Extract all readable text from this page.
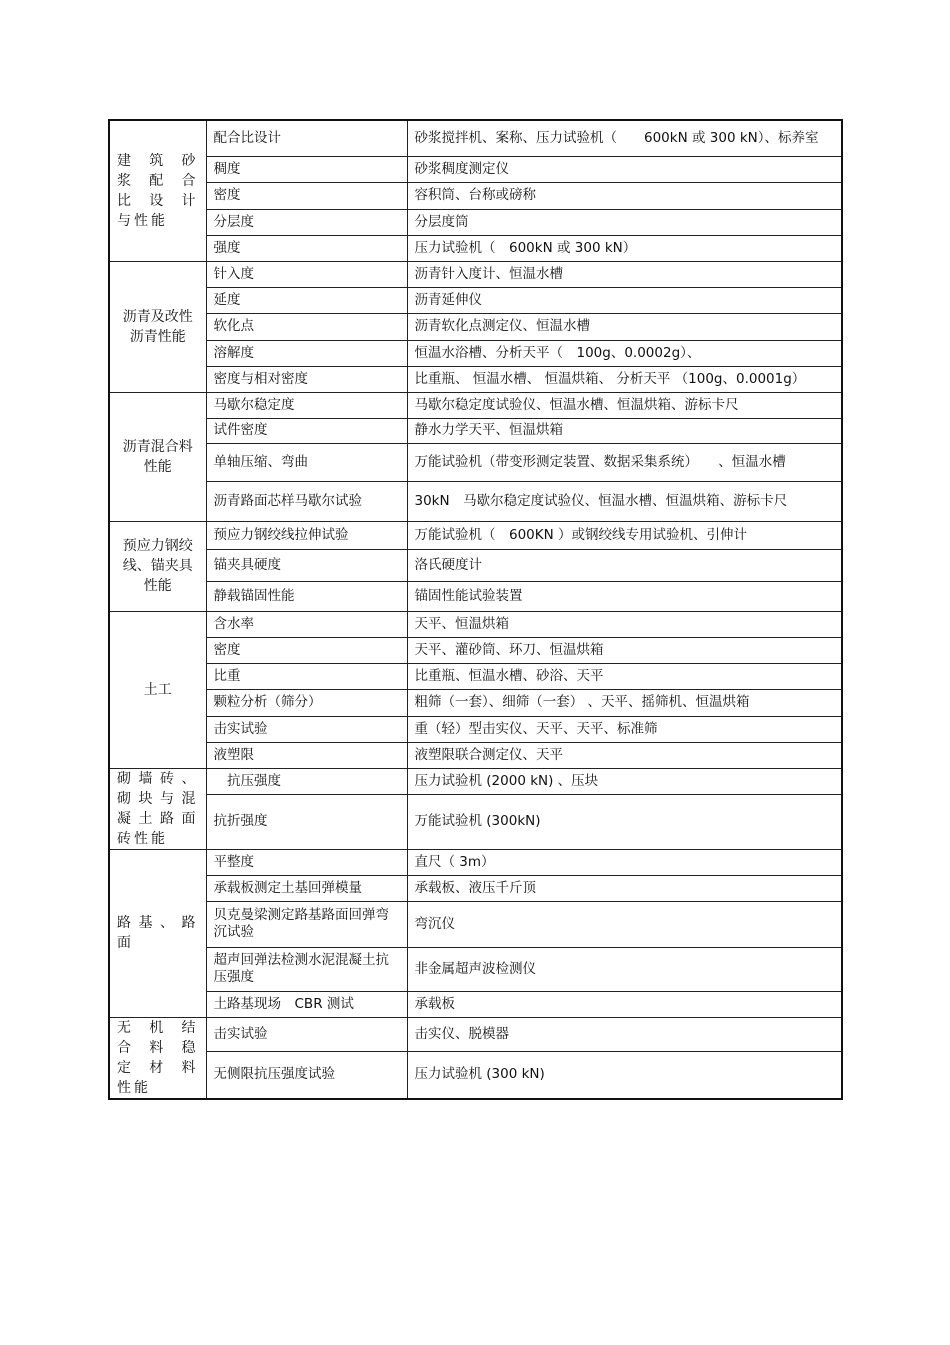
建 筑 砂 浆 配 合 比 设 计与性能	配合比设计	砂浆搅拌机、案称、压力试验机（　　600kN 或 300 kN）、标养室
	稠度	砂浆稠度测定仪
	密度	容积筒、台称或磅称
	分层度	分层度筒
	强度	压力试验机（　600kN 或 300 kN）
沥青及改性沥青性能	针入度	沥青针入度计、恒温水槽
	延度	沥青延伸仪
	软化点	沥青软化点测定仪、恒温水槽
	溶解度	恒温水浴槽、分析天平（　100g、0.0002g）、
	密度与相对密度	比重瓶、 恒温水槽、 恒温烘箱、 分析天平 （100g、0.0001g）
沥青混合料性能	马歇尔稳定度	马歇尔稳定度试验仪、恒温水槽、恒温烘箱、游标卡尺
	试件密度	静水力学天平、恒温烘箱
	单轴压缩、弯曲	万能试验机（带变形测定装置、数据采集系统）　　、恒温水槽
	沥青路面芯样马歇尔试验	30kN　马歇尔稳定度试验仪、恒温水槽、恒温烘箱、游标卡尺
预应力钢绞线、锚夹具性能	预应力钢绞线拉伸试验	万能试验机（　600KN ）或钢绞线专用试验机、引伸计
	锚夹具硬度	洛氏硬度计
	静载锚固性能	锚固性能试验装置
土工	含水率	天平、恒温烘箱
	密度	天平、灌砂筒、环刀、恒温烘箱
	比重	比重瓶、恒温水槽、砂浴、天平
	颗粒分析（筛分）	粗筛（一套）、细筛（一套） 、天平、摇筛机、恒温烘箱
	击实试验	重（轻）型击实仪、天平、天平、标准筛
	液塑限	液塑限联合测定仪、天平
砌墙砖、砌块与混凝土路面砖性能	　抗压强度	压力试验机 (2000 kN) 、压块
	抗折强度	万能试验机 (300kN)
路基、路面	平整度	直尺（ 3m）
	承载板测定土基回弹模量	承载板、液压千斤顶
	贝克曼梁测定路基路面回弹弯沉试验	弯沉仪
	超声回弹法检测水泥混凝土抗压强度	非金属超声波检测仪
	土路基现场　CBR 测试	承载板
无 机 结 合 料 稳 定 材 料性能	击实试验	击实仪、脱模器
	无侧限抗压强度试验	压力试验机 (300 kN)
